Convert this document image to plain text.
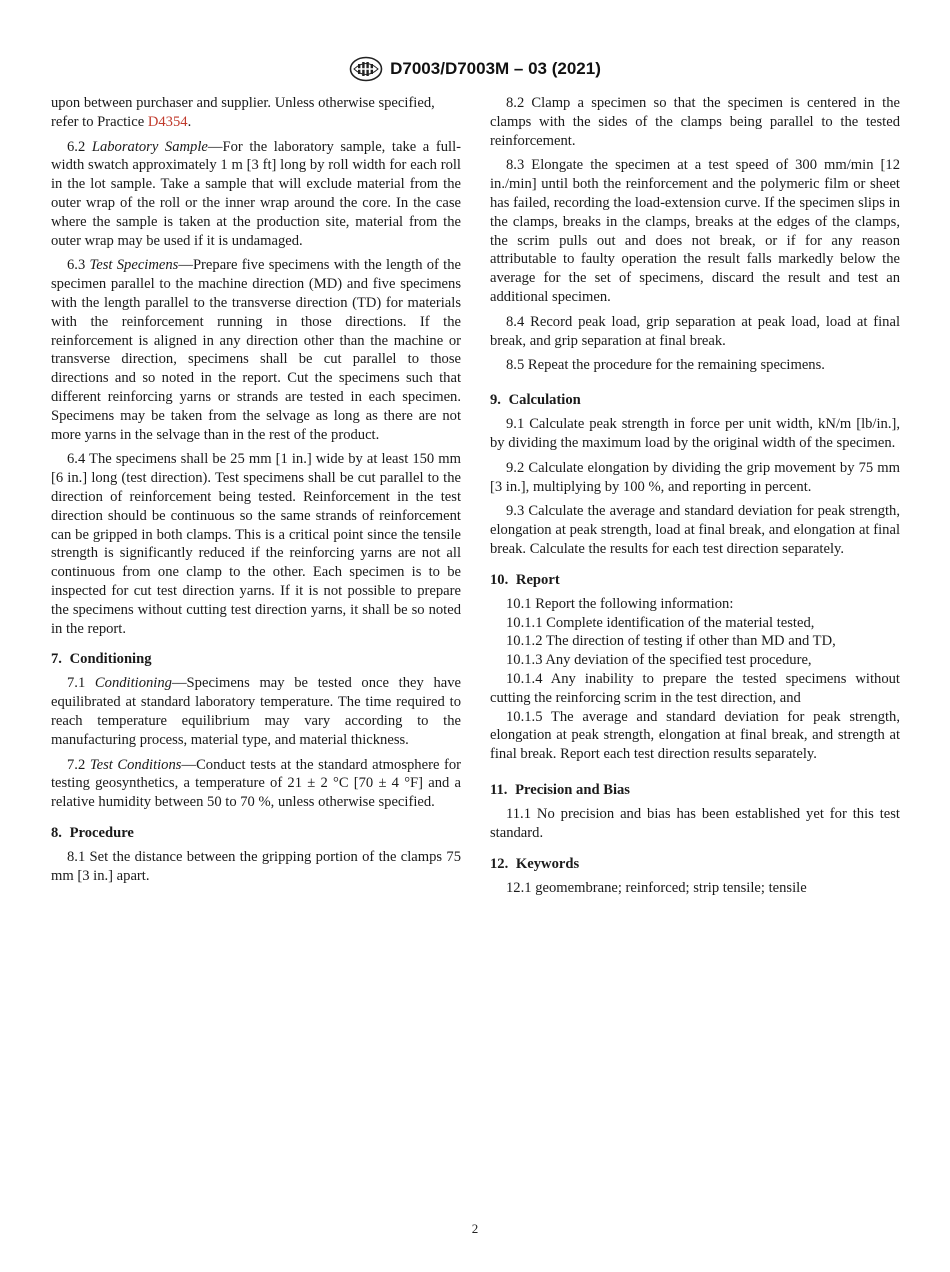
D7003/D7003M – 03 (2021)

upon between purchaser and supplier. Unless otherwise specified, refer to Practice D4354.

6.2 Laboratory Sample—For the laboratory sample, take a full-width swatch approximately 1 m [3 ft] long by roll width for each roll in the lot sample. Take a sample that will exclude material from the outer wrap of the roll or the inner wrap around the core. In the case where the sample is taken at the production site, material from the outer wrap may be used if it is undamaged.

6.3 Test Specimens—Prepare five specimens with the length of the specimen parallel to the machine direction (MD) and five specimens with the length parallel to the transverse direction (TD) for materials with the reinforcement running in those directions. If the reinforcement is aligned in any direction other than the machine or transverse direction, specimens shall be cut parallel to those directions and so noted in the report. Cut the specimens such that different reinforcing yarns or strands are tested in each specimen. Specimens may be taken from the selvage as long as there are not more yarns in the selvage than in the rest of the product.

6.4 The specimens shall be 25 mm [1 in.] wide by at least 150 mm [6 in.] long (test direction). Test specimens shall be cut parallel to the direction of reinforcement being tested. Reinforcement in the test direction should be continuous so the same strands of reinforcement can be gripped in both clamps. This is a critical point since the tensile strength is significantly reduced if the reinforcing yarns are not all continuous from one clamp to the other. Each specimen is to be inspected for cut test direction yarns. If it is not possible to prepare the specimens without cutting test direction yarns, it shall be so noted in the report.

7. Conditioning

7.1 Conditioning—Specimens may be tested once they have equilibrated at standard laboratory temperature. The time required to reach temperature equilibrium may vary according to the manufacturing process, material type, and material thickness.

7.2 Test Conditions—Conduct tests at the standard atmosphere for testing geosynthetics, a temperature of 21 ± 2 °C [70 ± 4 °F] and a relative humidity between 50 to 70 %, unless otherwise specified.

8. Procedure

8.1 Set the distance between the gripping portion of the clamps 75 mm [3 in.] apart.

8.2 Clamp a specimen so that the specimen is centered in the clamps with the sides of the clamps being parallel to the tested reinforcement.

8.3 Elongate the specimen at a test speed of 300 mm/min [12 in./min] until both the reinforcement and the polymeric film or sheet has failed, recording the load-extension curve. If the specimen slips in the clamps, breaks in the clamps, breaks at the edges of the clamps, the scrim pulls out and does not break, or if for any reason attributable to faulty operation the result falls markedly below the average for the set of specimens, discard the result and test an additional specimen.

8.4 Record peak load, grip separation at peak load, load at final break, and grip separation at final break.

8.5 Repeat the procedure for the remaining specimens.

9. Calculation

9.1 Calculate peak strength in force per unit width, kN/m [lb/in.], by dividing the maximum load by the original width of the specimen.

9.2 Calculate elongation by dividing the grip movement by 75 mm [3 in.], multiplying by 100 %, and reporting in percent.

9.3 Calculate the average and standard deviation for peak strength, elongation at peak strength, load at final break, and elongation at final break. Calculate the results for each test direction separately.

10. Report

10.1 Report the following information:

10.1.1 Complete identification of the material tested,

10.1.2 The direction of testing if other than MD and TD,

10.1.3 Any deviation of the specified test procedure,

10.1.4 Any inability to prepare the tested specimens without cutting the reinforcing scrim in the test direction, and

10.1.5 The average and standard deviation for peak strength, elongation at peak strength, elongation at final break, and strength at final break. Report each test direction results separately.

11. Precision and Bias

11.1 No precision and bias has been established yet for this test standard.

12. Keywords

12.1 geomembrane; reinforced; strip tensile; tensile

2
